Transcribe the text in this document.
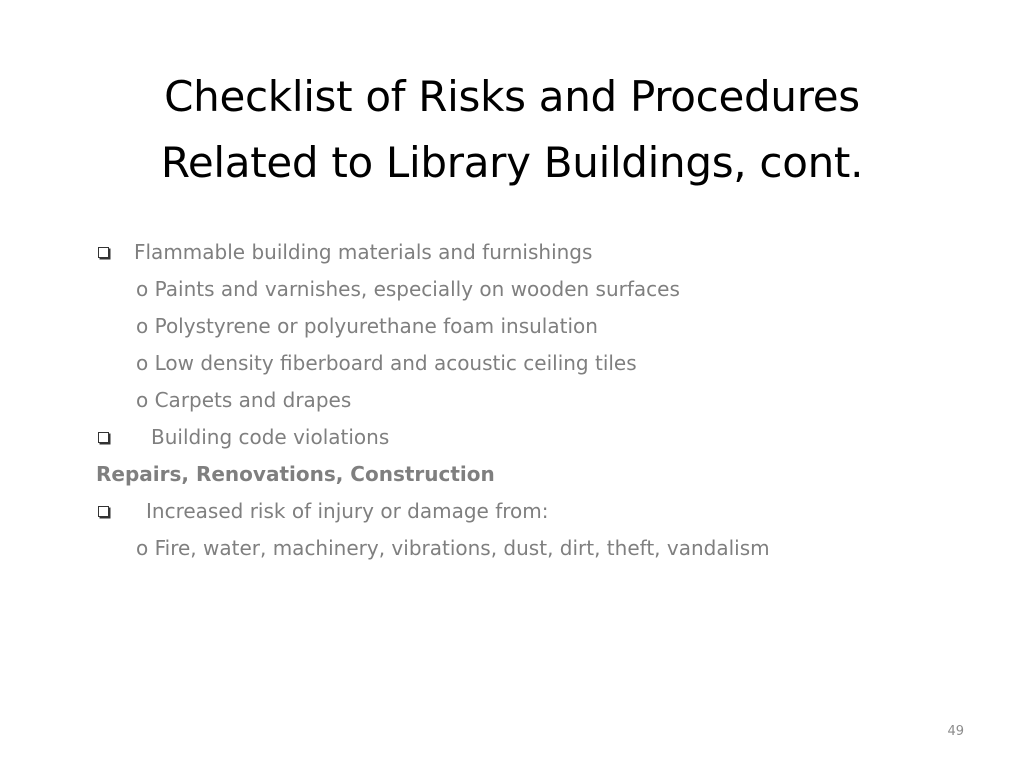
Checklist of Risks and Procedures
Related to Library Buildings, cont.
Flammable building materials and furnishings
o Paints and varnishes, especially on wooden surfaces
o Polystyrene or polyurethane foam insulation
o Low density fiberboard and acoustic ceiling tiles
o Carpets and drapes
Building code violations
Repairs, Renovations, Construction
Increased risk of injury or damage from:
o Fire, water, machinery, vibrations, dust, dirt, theft, vandalism
49
